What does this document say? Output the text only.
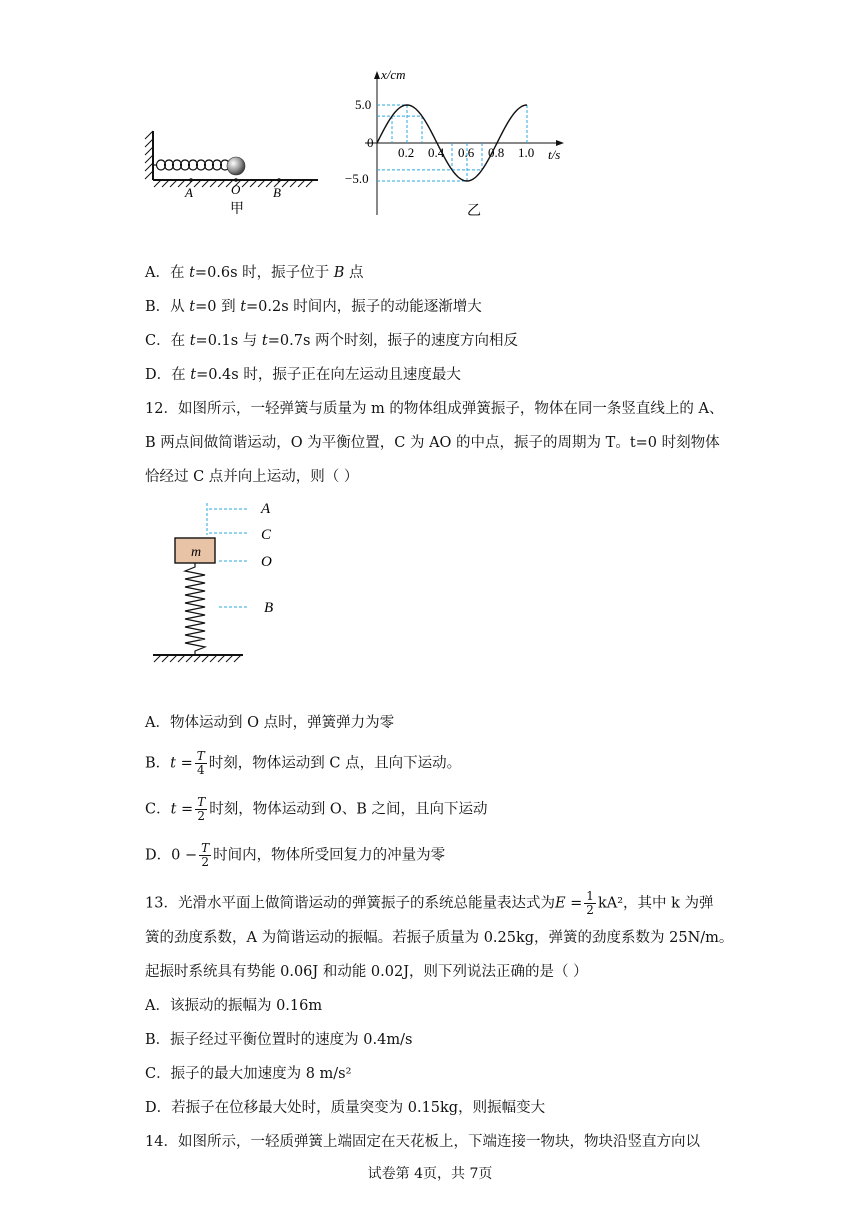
A	O	B
甲
x/cm
t/s
0
5.0
−5.0
0.2 0.4 0.6 0.8 1.0
乙
A．在 t=0.6s 时，振子位于 B 点
B．从 t=0 到 t=0.2s 时间内，振子的动能逐渐增大
C．在 t=0.1s 与 t=0.7s 两个时刻，振子的速度方向相反
D．在 t=0.4s 时，振子正在向左运动且速度最大
12．如图所示，一轻弹簧与质量为 m 的物体组成弹簧振子，物体在同一条竖直线上的 A、
B 两点间做简谐运动，O 为平衡位置，C 为 AO 的中点，振子的周期为 T。t=0 时刻物体
恰经过 C 点并向上运动，则（ ）
A
C
O
B
m
A．物体运动到 O 点时，弹簧弹力为零
B．$t = \frac{T}{4}$ 时刻，物体运动到 C 点，且向下运动。
C．$t = \frac{T}{2}$ 时刻，物体运动到 O、B 之间，且向下运动
D．$0 - \frac{T}{2}$ 时间内，物体所受回复力的冲量为零
13．光滑水平面上做简谐运动的弹簧振子的系统总能量表达式为$E = \frac{1}{2} kA^2$，其中 k 为弹
簧的劲度系数，A 为简谐运动的振幅。若振子质量为 0.25kg，弹簧的劲度系数为 25N/m。
起振时系统具有势能 0.06J 和动能 0.02J，则下列说法正确的是（ ）
A．该振动的振幅为 0.16m
B．振子经过平衡位置时的速度为 0.4m/s
C．振子的最大加速度为 8 m/s²
D．若振子在位移最大处时，质量突变为 0.15kg，则振幅变大
14．如图所示，一轻质弹簧上端固定在天花板上，下端连接一物块，物块沿竖直方向以
试卷第 4页，共 7页
